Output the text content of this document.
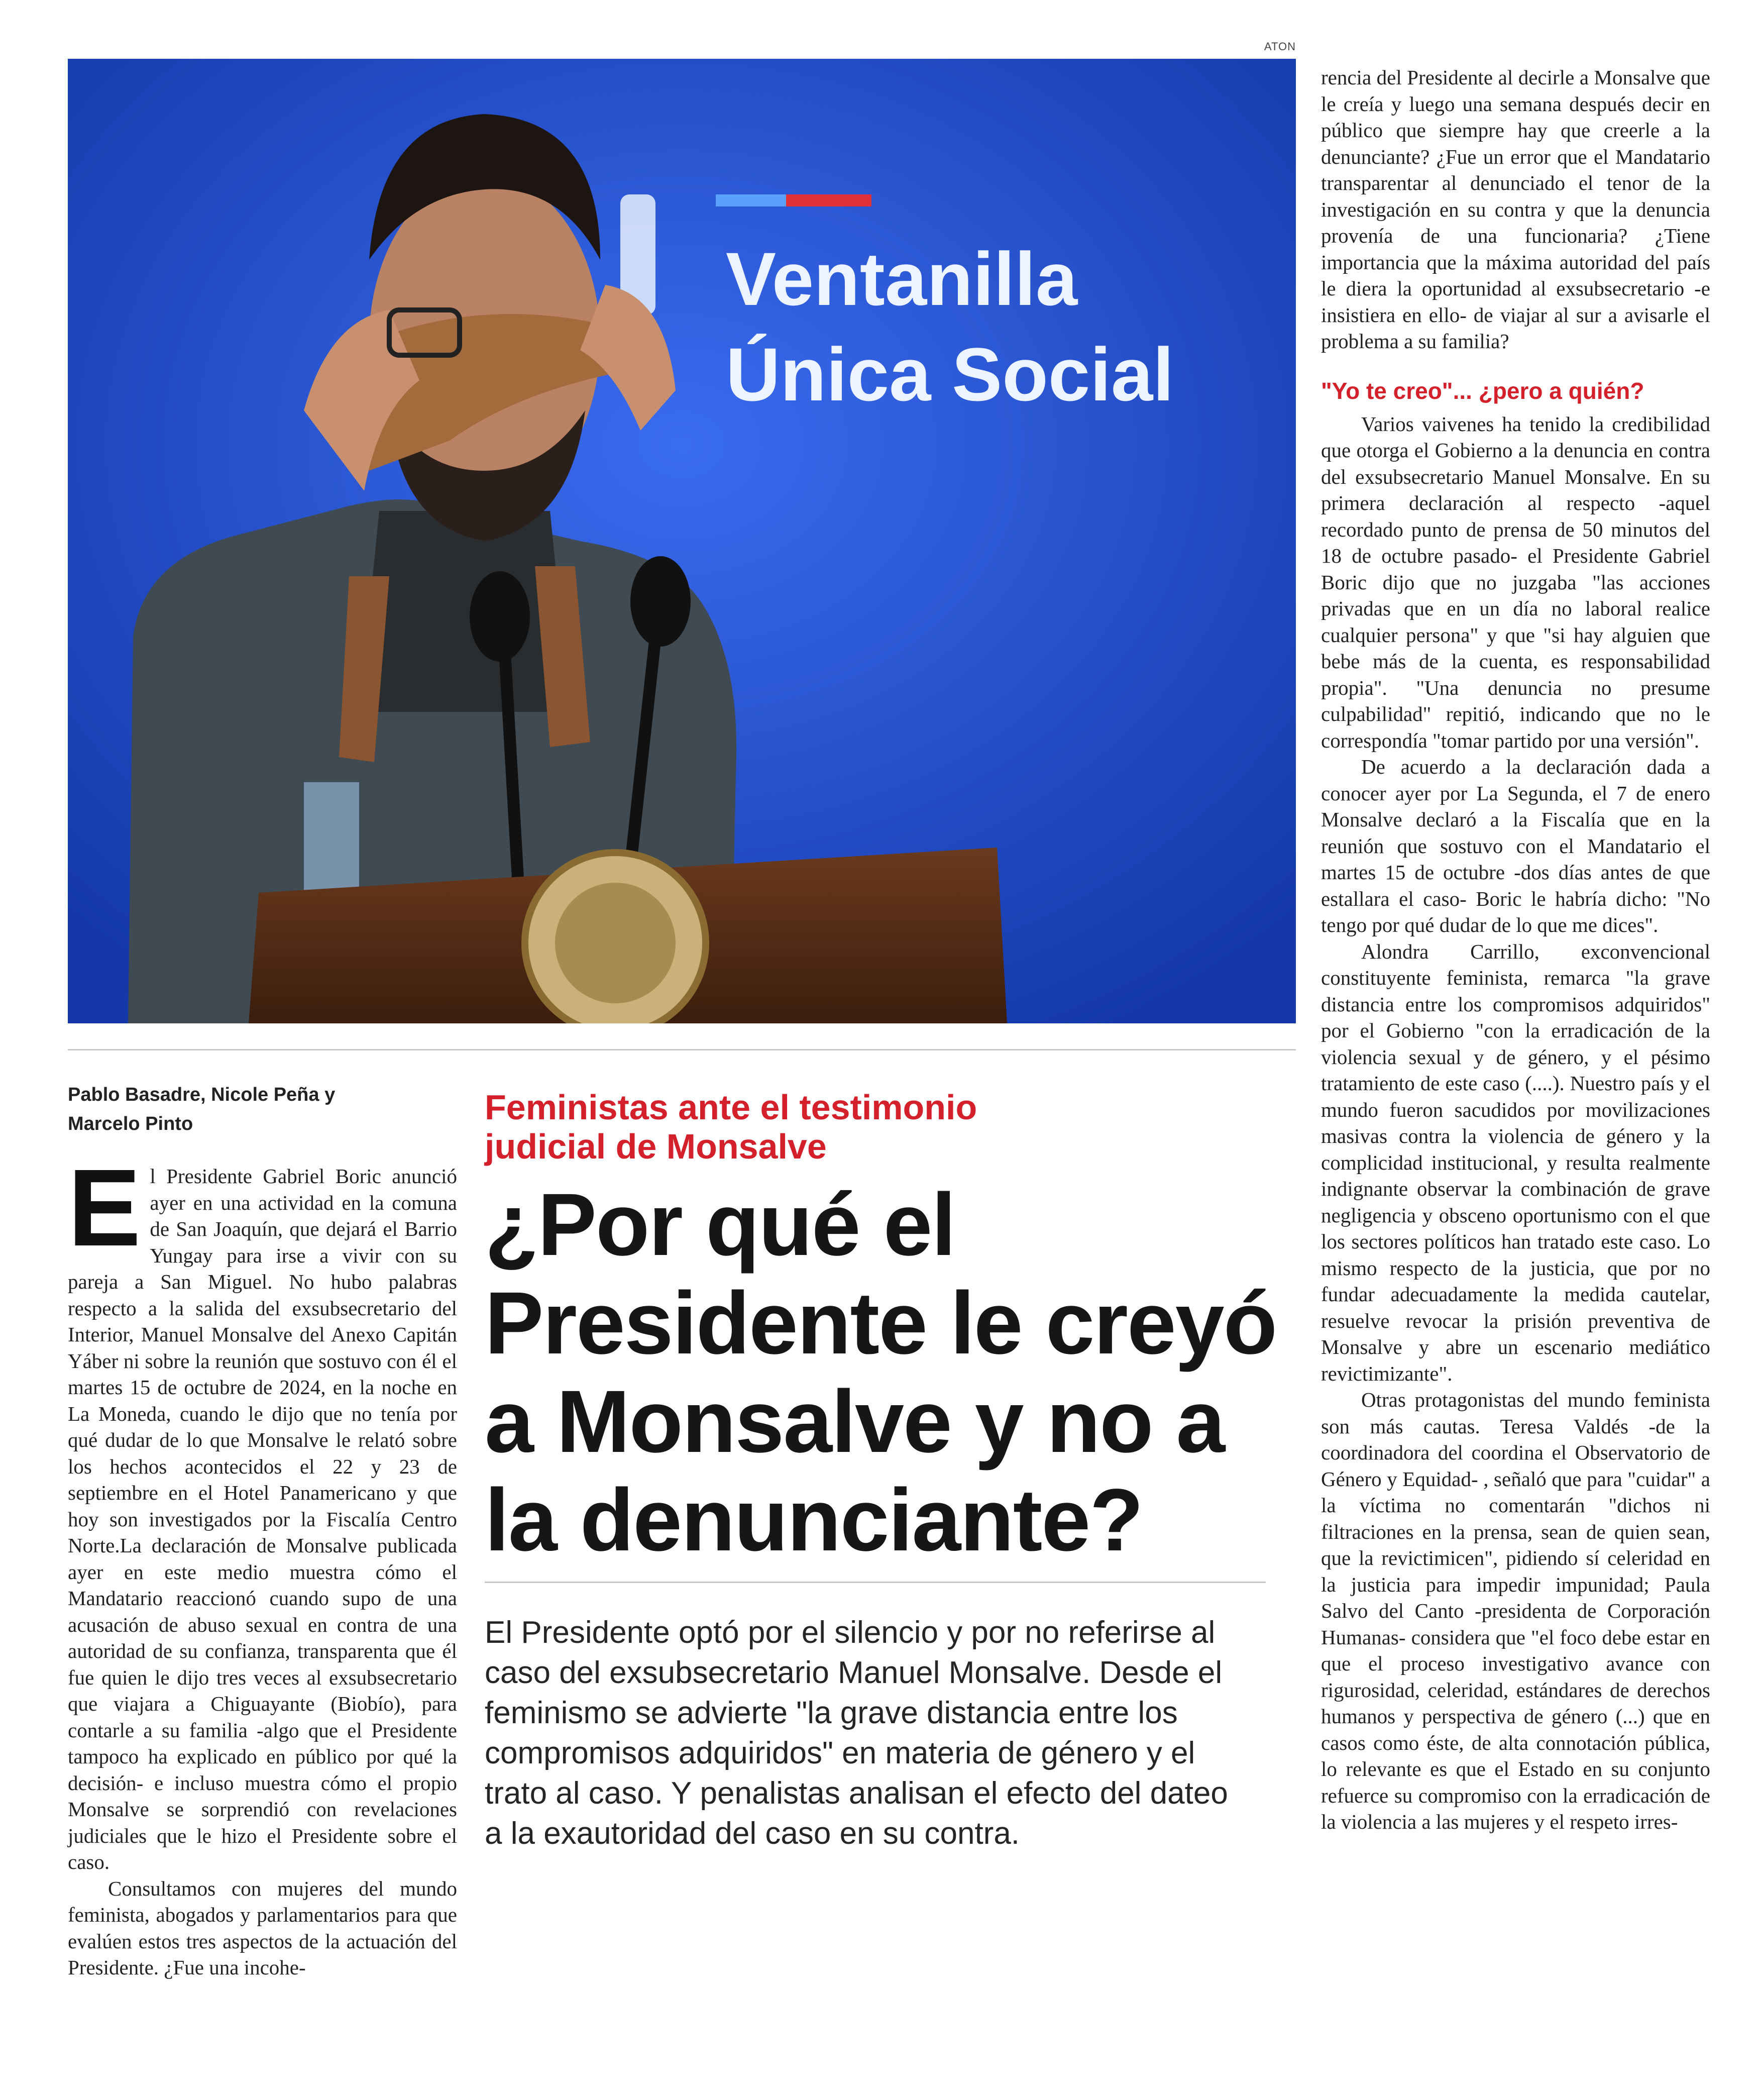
ATON
Ventanilla
Única Social
Pablo Basadre, Nicole Peña y
Marcelo Pinto

El Presidente Gabriel Boric anunció ayer en una actividad en la comuna de San Joaquín, que dejará el Barrio Yungay para irse a vivir con su pareja a San Miguel. No hubo palabras respecto a la salida del exsubsecretario del Interior, Manuel Monsalve del Anexo Capitán Yáber ni sobre la reunión que sostuvo con él el martes 15 de octubre de 2024, en la noche en La Moneda, cuando le dijo que no tenía por qué dudar de lo que Monsalve le relató sobre los hechos acontecidos el 22 y 23 de septiembre en el Hotel Panamericano y que hoy son investigados por la Fiscalía Centro Norte.La declaración de Monsalve publicada ayer en este medio muestra cómo el Mandatario reaccionó cuando supo de una acusación de abuso sexual en contra de una autoridad de su confianza, transparenta que él fue quien le dijo tres veces al exsubsecretario que viajara a Chiguayante (Biobío), para contarle a su familia -algo que el Presidente tampoco ha explicado en público por qué la decisión- e incluso muestra cómo el propio Monsalve se sorprendió con revelaciones judiciales que le hizo el Presidente sobre el caso.

Consultamos con mujeres del mundo feminista, abogados y parlamentarios para que evalúen estos tres aspectos de la actuación del Presidente. ¿Fue una incohe-

Feministas ante el testimonio
judicial de Monsalve
¿Por qué el
Presidente le creyó
a Monsalve y no a
la denunciante?
El Presidente optó por el silencio y por no referirse al caso del exsubsecretario Manuel Monsalve. Desde el feminismo se advierte "la grave distancia entre los compromisos adquiridos" en materia de género y el trato al caso. Y penalistas analisan el efecto del dateo a la exautoridad del caso en su contra.

rencia del Presidente al decirle a Monsalve que le creía y luego una semana después decir en público que siempre hay que creerle a la denunciante? ¿Fue un error que el Mandatario transparentar al denunciado el tenor de la investigación en su contra y que la denuncia provenía de una funcionaria? ¿Tiene importancia que la máxima autoridad del país le diera la oportunidad al exsubsecretario -e insistiera en ello- de viajar al sur a avisarle el problema a su familia?

"Yo te creo"... ¿pero a quién?

Varios vaivenes ha tenido la credibilidad que otorga el Gobierno a la denuncia en contra del exsubsecretario Manuel Monsalve. En su primera declaración al respecto -aquel recordado punto de prensa de 50 minutos del 18 de octubre pasado- el Presidente Gabriel Boric dijo que no juzgaba "las acciones privadas que en un día no laboral realice cualquier persona" y que "si hay alguien que bebe más de la cuenta, es responsabilidad propia". "Una denuncia no presume culpabilidad" repitió, indicando que no le correspondía "tomar partido por una versión".

De acuerdo a la declaración dada a conocer ayer por La Segunda, el 7 de enero Monsalve declaró a la Fiscalía que en la reunión que sostuvo con el Mandatario el martes 15 de octubre -dos días antes de que estallara el caso- Boric le habría dicho: "No tengo por qué dudar de lo que me dices".

Alondra Carrillo, exconvencional constituyente feminista, remarca "la grave distancia entre los compromisos adquiridos" por el Gobierno "con la erradicación de la violencia sexual y de género, y el pésimo tratamiento de este caso (....). Nuestro país y el mundo fueron sacudidos por movilizaciones masivas contra la violencia de género y la complicidad institucional, y resulta realmente indignante observar la combinación de grave negligencia y obsceno oportunismo con el que los sectores políticos han tratado este caso. Lo mismo respecto de la justicia, que por no fundar adecuadamente la medida cautelar, resuelve revocar la prisión preventiva de Monsalve y abre un escenario mediático revictimizante".

Otras protagonistas del mundo feminista son más cautas. Teresa Valdés -de la coordinadora del coordina el Observatorio de Género y Equidad- , señaló que para "cuidar" a la víctima no comentarán "dichos ni filtraciones en la prensa, sean de quien sean, que la revictimicen", pidiendo sí celeridad en la justicia para impedir impunidad; Paula Salvo del Canto -presidenta de Corporación Humanas- considera que "el foco debe estar en que el proceso investigativo avance con rigurosidad, celeridad, estándares de derechos humanos y perspectiva de género (...) que en casos como éste, de alta connotación pública, lo relevante es que el Estado en su conjunto refuerce su compromiso con la erradicación de la violencia a las mujeres y el respeto irres-
